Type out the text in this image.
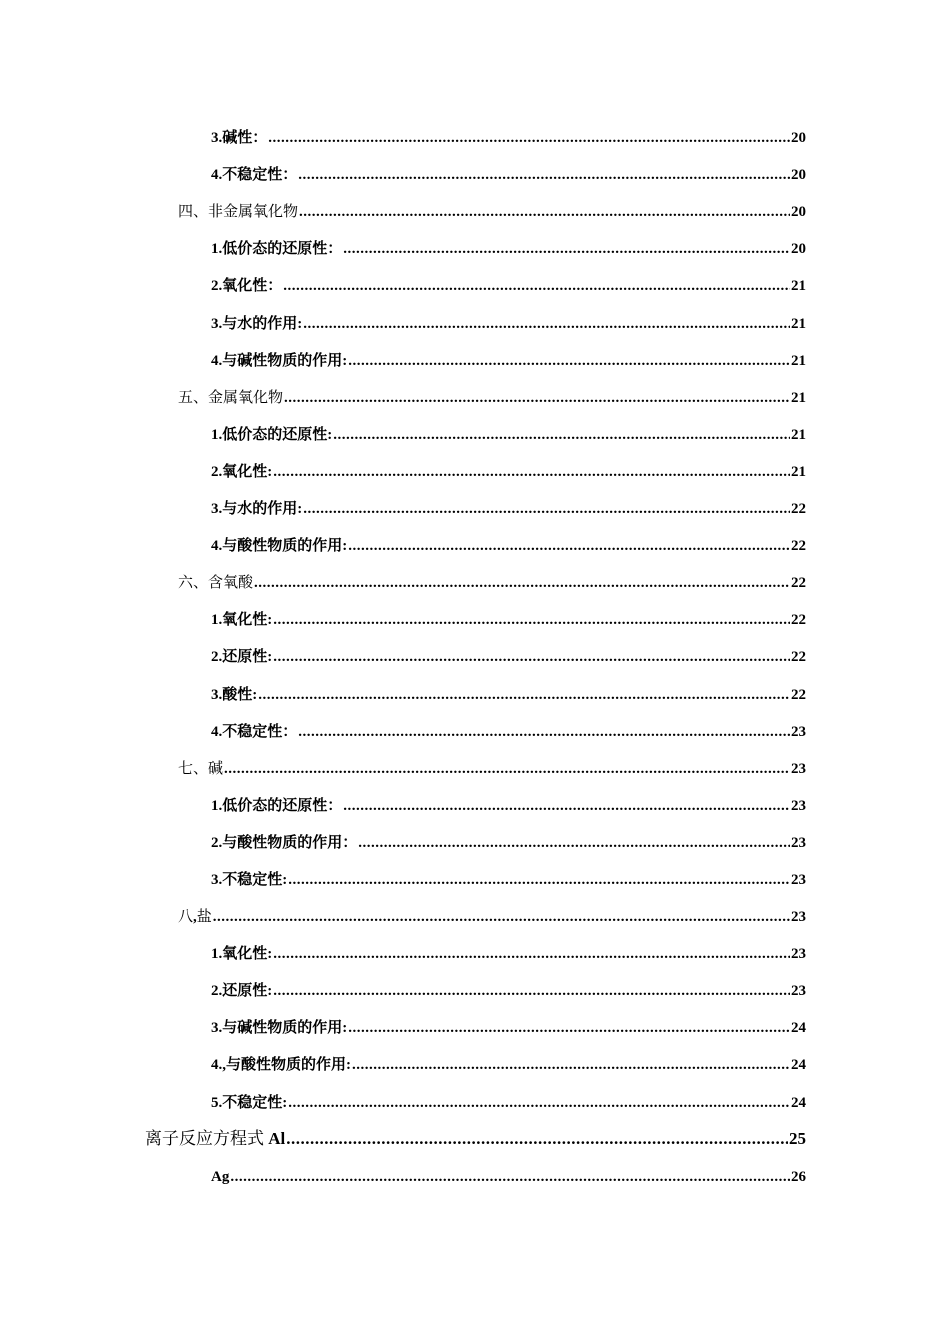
3.碱性： .....	20
4.不稳定性： .....	20
四、非金属氧化物 .....	20
1.低价态的还原性： .....	20
2.氧化性： .....	21
3.与水的作用: .....	21
4.与碱性物质的作用: .....	21
五、金属氧化物 .....	21
1.低价态的还原性: .....	21
2.氧化性: .....	21
3.与水的作用: .....	22
4.与酸性物质的作用: .....	22
六、含氧酸 .....	22
1.氧化性: .....	22
2.还原性: .....	22
3.酸性: .....	22
4.不稳定性： .....	23
七、碱 .....	23
1.低价态的还原性： .....	23
2.与酸性物质的作用： .....	23
3.不稳定性: .....	23
八,盐 .....	23
1.氧化性: .....	23
2.还原性: .....	23
3.与碱性物质的作用: .....	24
4.,与酸性物质的作用: .....	24
5.不稳定性: .....	24
离子反应方程式 Al .....	25
Ag .....	26
